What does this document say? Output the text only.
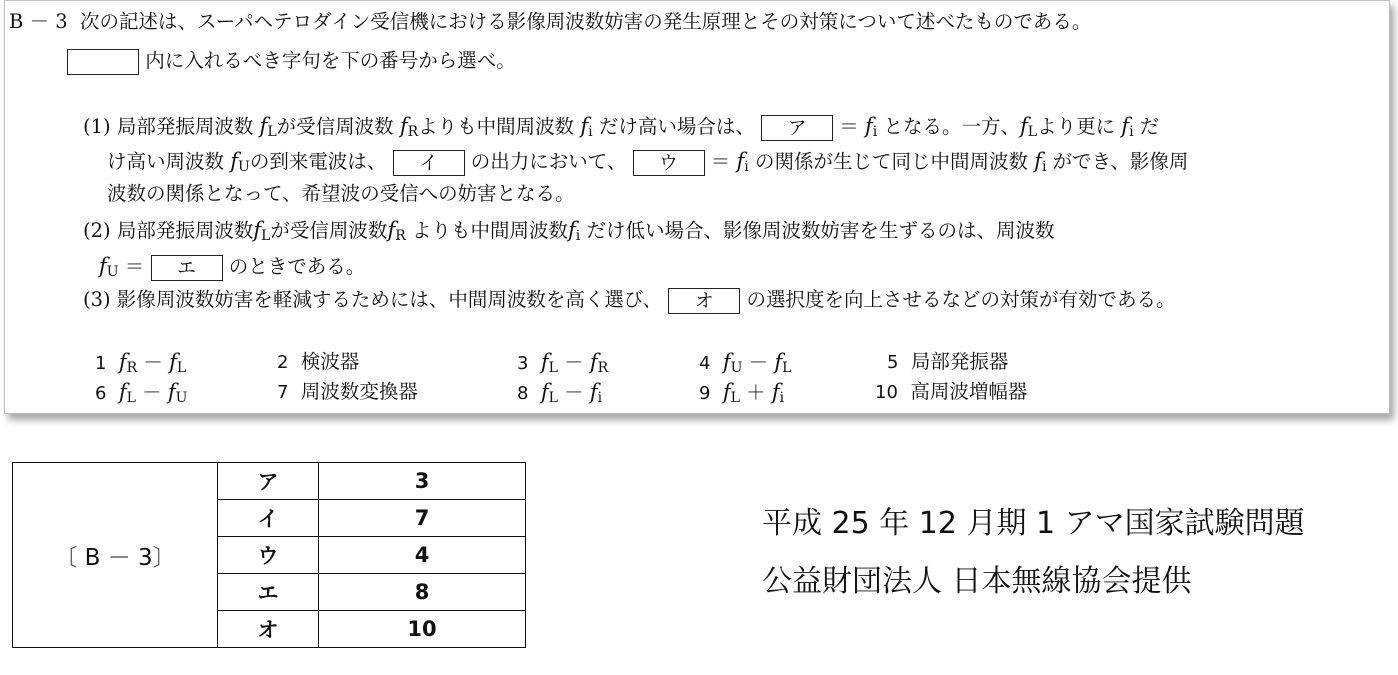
B － 3 次の記述は、スーパヘテロダイン受信機における影像周波数妨害の発生原理とその対策について述べたものである。
内に入れるべき字句を下の番号から選べ。
(1) 局部発振周波数 $f_L$が受信周波数 $f_R$よりも中間周波数 $f_i$ だけ高い場合は、 ア ＝ $f_i$ となる。一方、$f_L$より更に $f_i$ だ
け高い周波数 $f_U$の到来電波は、 イ の出力において、 ウ ＝ $f_i$ の関係が生じて同じ中間周波数 $f_i$ ができ、影像周
波数の関係となって、希望波の受信への妨害となる。
(2) 局部発振周波数$f_L$が受信周波数$f_R$ よりも中間周波数$f_i$ だけ低い場合、影像周波数妨害を生ずるのは、周波数
$f_U$ ＝ エ のときである。
(3) 影像周波数妨害を軽減するためには、中間周波数を高く選び、 オ の選択度を向上させるなどの対策が有効である。
1 $f_R - f_L$	2 検波器	3 $f_L - f_R$	4 $f_U - f_L$	5 局部発振器
6 $f_L - f_U$	7 周波数変換器	8 $f_L - f_i$	9 $f_L + f_i$	10 高周波増幅器
〔 B － 3〕	ア	3
	イ	7
	ウ	4
	エ	8
	オ	10
平成 25 年 12 月期 1 アマ国家試験問題
公益財団法人 日本無線協会提供
